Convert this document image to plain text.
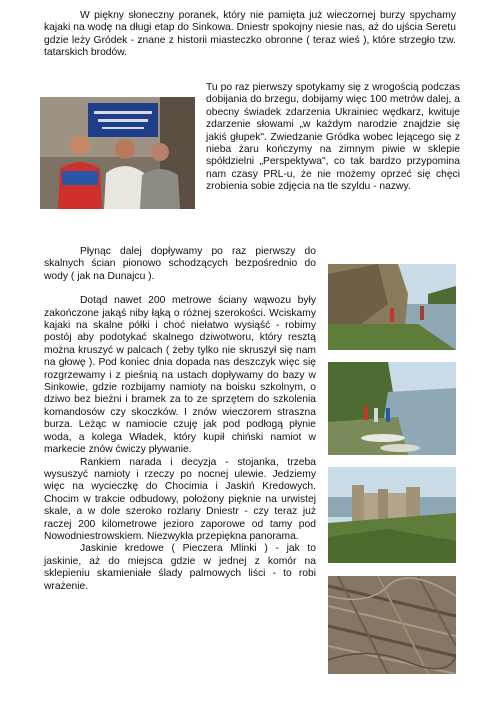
W piękny słoneczny poranek, który nie pamięta już wieczornej burzy spychamy kajaki na wodę na długi etap do Sinkowa. Dniestr spokojny niesie nas, aż do ujścia Seretu gdzie leży Gródek - znane z historii miasteczko obronne ( teraz wieś ), które strzegło tzw. tatarskich brodów.

Tu po raz pierwszy spotykamy się z wrogością podczas dobijania do brzegu, dobijamy więc 100 metrów dalej, a obecny świadek zdarzenia Ukrainiec wędkarz, kwituje zdarzenie słowami „w każdym narodzie znajdzie się jakiś głupek". Zwiedzanie Gródka wobec lejącego się z nieba żaru kończymy na zimnym piwie w sklepie spółdzielni „Perspektywa", co tak bardzo przypomina nam czasy PRL-u, że nie możemy oprzeć się chęci zrobienia sobie zdjęcia na tle szyldu - nazwy.

Płynąc dalej dopływamy po raz pierwszy do skalnych ścian pionowo schodzących bezpośrednio do wody ( jak na Dunajcu ).

Dotąd nawet 200 metrowe ściany wąwozu były zakończone jakąś niby łąką o różnej szerokości. Wciskamy kajaki na skalne półki i choć niełatwo wysiąść - robimy postój aby podotykać skalnego dziwotworu, który resztą można kruszyć w palcach ( żeby tylko nie skruszył się nam na głowę ). Pod koniec dnia dopada nas deszczyk więc się rozgrzewamy i z pieśnią na ustach dopływamy do bazy w Sinkowie, gdzie rozbijamy namioty na boisku szkolnym, o dziwo bez bieżni i bramek za to ze sprzętem do szkolenia komandosów czy skoczków. I znów wieczorem straszna burza. Leżąc w namiocie czuję jak pod podłogą płynie woda, a kolega Władek, który kupił chiński namiot w markecie znów ćwiczy pływanie.

Rankiem narada i decyzja - stojanka, trzeba wysuszyć namioty i rzeczy po nocnej ulewie. Jedziemy więc na wycieczkę do Chocimia i Jaskiń Kredowych. Chocim w trakcie odbudowy, położony pięknie na urwistej skale, a w dole szeroko rozlany Dniestr - czy teraz już raczej 200 kilometrowe jezioro zaporowe od tamy pod Nowodniestrowskiem. Niezwykła przepiękna panorama.

Jaskinie kredowe ( Pieczera Mlinki ) - jak to jaskinie, aż do miejsca gdzie w jednej z komór na sklepieniu skamieniałe ślady palmowych liści - to robi wrażenie.
